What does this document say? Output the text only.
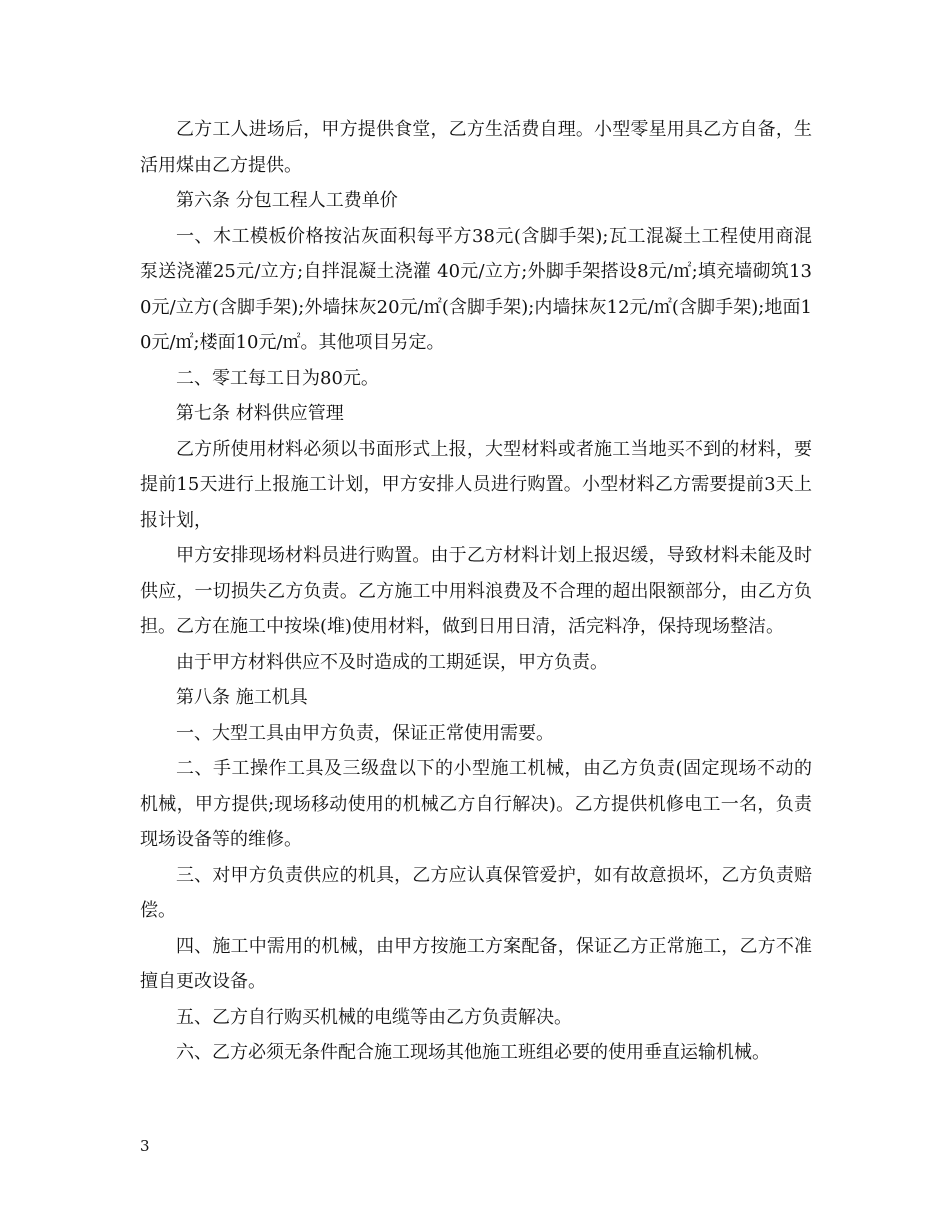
乙方工人进场后，甲方提供食堂，乙方生活费自理。小型零星用具乙方自备，生活用煤由乙方提供。

第六条 分包工程人工费单价

一、木工模板价格按沾灰面积每平方38元(含脚手架);瓦工混凝土工程使用商混泵送浇灌25元/立方;自拌混凝土浇灌 40元/立方;外脚手架搭设8元/㎡;填充墙砌筑130元/立方(含脚手架);外墙抹灰20元/㎡(含脚手架);内墙抹灰12元/㎡(含脚手架);地面10元/㎡;楼面10元/㎡。其他项目另定。

二、零工每工日为80元。

第七条 材料供应管理

乙方所使用材料必须以书面形式上报，大型材料或者施工当地买不到的材料，要提前15天进行上报施工计划，甲方安排人员进行购置。小型材料乙方需要提前3天上报计划，

甲方安排现场材料员进行购置。由于乙方材料计划上报迟缓，导致材料未能及时供应，一切损失乙方负责。乙方施工中用料浪费及不合理的超出限额部分，由乙方负担。乙方在施工中按垛(堆)使用材料，做到日用日清，活完料净，保持现场整洁。

由于甲方材料供应不及时造成的工期延误，甲方负责。

第八条 施工机具

一、大型工具由甲方负责，保证正常使用需要。

二、手工操作工具及三级盘以下的小型施工机械，由乙方负责(固定现场不动的机械，甲方提供;现场移动使用的机械乙方自行解决)。乙方提供机修电工一名，负责现场设备等的维修。

三、对甲方负责供应的机具，乙方应认真保管爱护，如有故意损坏，乙方负责赔偿。

四、施工中需用的机械，由甲方按施工方案配备，保证乙方正常施工，乙方不准擅自更改设备。

五、乙方自行购买机械的电缆等由乙方负责解决。

六、乙方必须无条件配合施工现场其他施工班组必要的使用垂直运输机械。

3
